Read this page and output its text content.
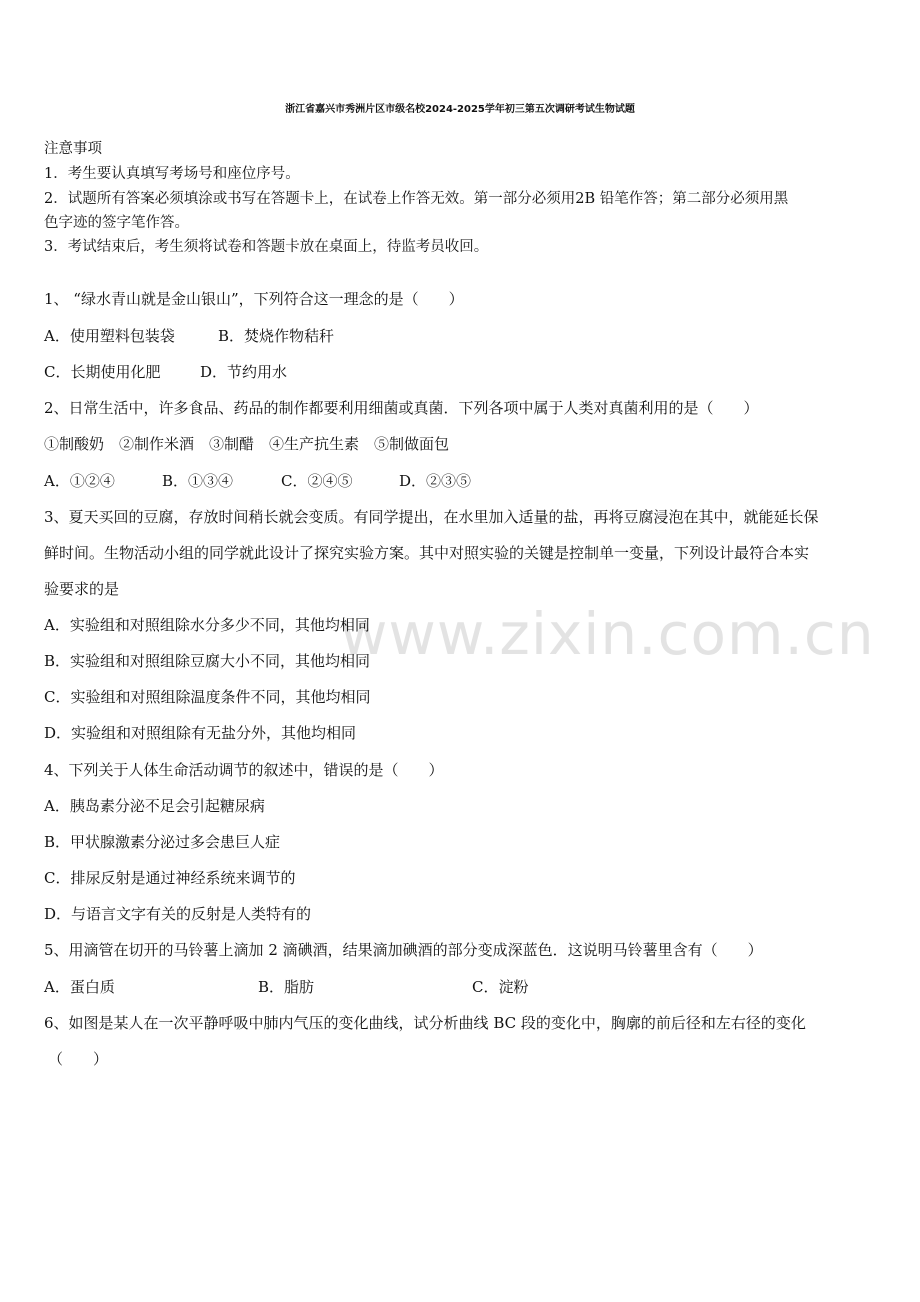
www.zixin.com.cn
浙江省嘉兴市秀洲片区市级名校2024-2025学年初三第五次调研考试生物试题
注意事项
1．考生要认真填写考场号和座位序号。
2．试题所有答案必须填涂或书写在答题卡上，在试卷上作答无效。第一部分必须用2B 铅笔作答；第二部分必须用黑
色字迹的签字笔作答。
3．考试结束后，考生须将试卷和答题卡放在桌面上，待监考员收回。
1、 “绿水青山就是金山银山”，下列符合这一理念的是（　　）
A．使用塑料包装袋	B．焚烧作物秸秆
C．长期使用化肥	D．节约用水
2、日常生活中，许多食品、药品的制作都要利用细菌或真菌．下列各项中属于人类对真菌利用的是（　　）
①制酸奶　②制作米酒　③制醋　④生产抗生素　⑤制做面包
A．①②④	B．①③④	C．②④⑤	D．②③⑤
3、夏天买回的豆腐，存放时间稍长就会变质。有同学提出，在水里加入适量的盐，再将豆腐浸泡在其中，就能延长保
鲜时间。生物活动小组的同学就此设计了探究实验方案。其中对照实验的关键是控制单一变量，下列设计最符合本实
验要求的是
A．实验组和对照组除水分多少不同，其他均相同
B．实验组和对照组除豆腐大小不同，其他均相同
C．实验组和对照组除温度条件不同，其他均相同
D．实验组和对照组除有无盐分外，其他均相同
4、下列关于人体生命活动调节的叙述中，错误的是（　　）
A．胰岛素分泌不足会引起糖尿病
B．甲状腺激素分泌过多会患巨人症
C．排尿反射是通过神经系统来调节的
D．与语言文字有关的反射是人类特有的
5、用滴管在切开的马铃薯上滴加 2 滴碘酒，结果滴加碘酒的部分变成深蓝色．这说明马铃薯里含有（　　）
A．蛋白质	B．脂肪	C．淀粉
6、如图是某人在一次平静呼吸中肺内气压的变化曲线，试分析曲线 BC 段的变化中，胸廓的前后径和左右径的变化
（　　）
